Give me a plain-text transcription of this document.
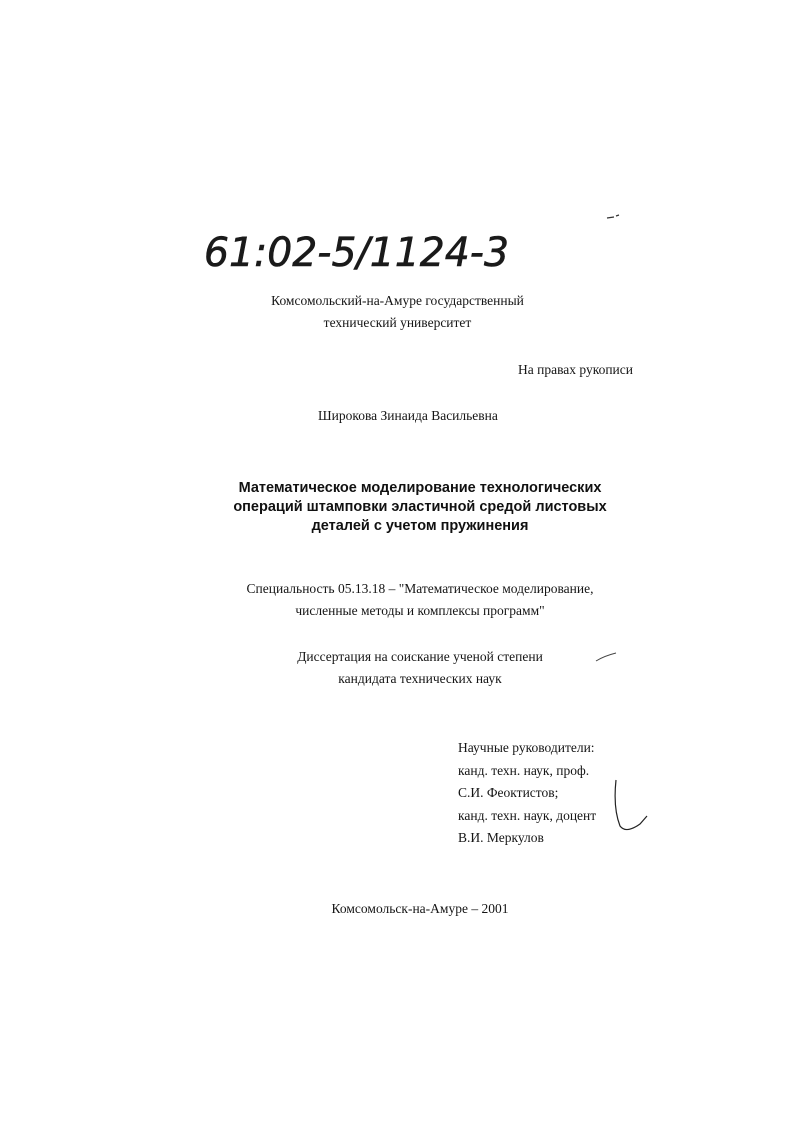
61:02-5/1124-3
Комсомольский-на-Амуре государственный
технический университет
На правах рукописи
Широкова Зинаида Васильевна
Математическое моделирование технологических
операций штамповки эластичной средой листовых
деталей с учетом пружинения
Специальность 05.13.18 – "Математическое моделирование,
численные методы и комплексы программ"
Диссертация на соискание ученой степени
кандидата технических наук
Научные руководители:
канд. техн. наук, проф.
С.И. Феоктистов;
канд. техн. наук, доцент
В.И. Меркулов
Комсомольск-на-Амуре – 2001
